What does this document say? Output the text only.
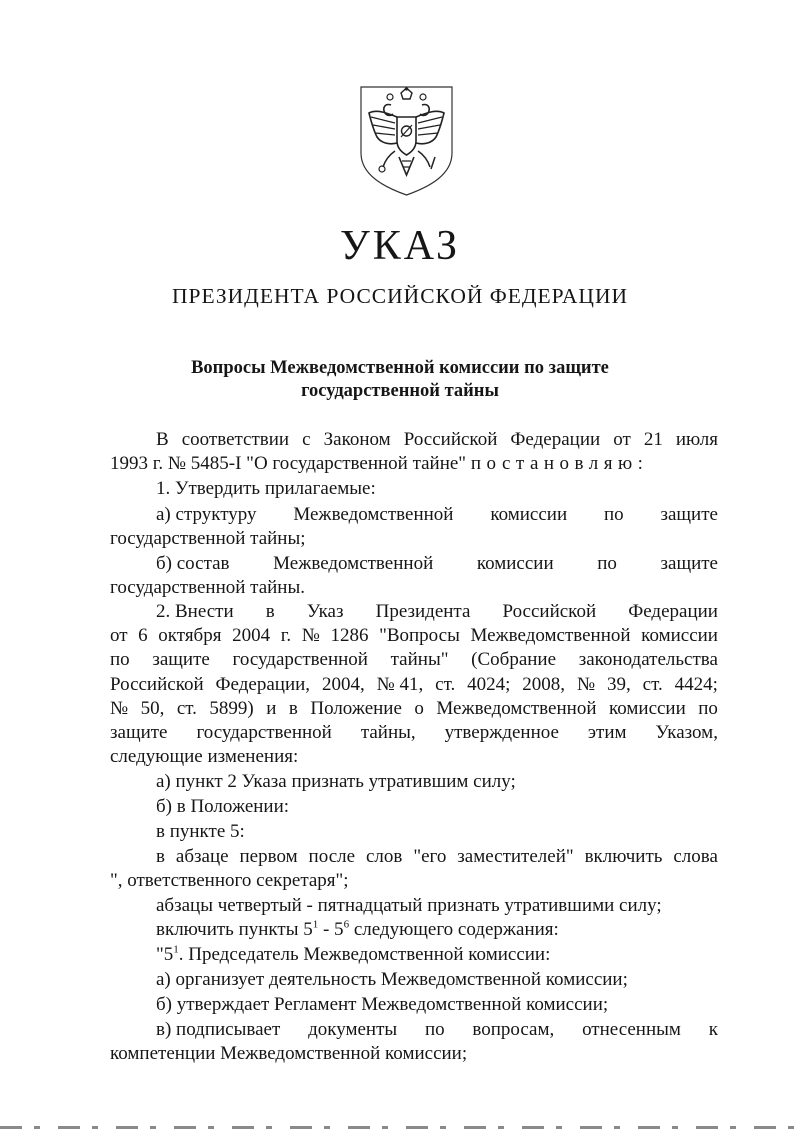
УКАЗ
ПРЕЗИДЕНТА РОССИЙСКОЙ ФЕДЕРАЦИИ
Вопросы Межведомственной комиссии по защите
государственной тайны
В соответствии с Законом Российской Федерации от 21 июля
1993 г. № 5485-I "О государственной тайне" постановляю:
1. Утвердить прилагаемые:
а) структуру Межведомственной комиссии по защите
государственной тайны;
б) состав Межведомственной комиссии по защите
государственной тайны.
2. Внести в Указ Президента Российской Федерации
от 6 октября 2004 г. № 1286 "Вопросы Межведомственной комиссии
по защите государственной тайны" (Собрание законодательства
Российской Федерации, 2004, № 41, ст. 4024; 2008, № 39, ст. 4424;
№ 50, ст. 5899) и в Положение о Межведомственной комиссии по
защите государственной тайны, утвержденное этим Указом,
следующие изменения:
а) пункт 2 Указа признать утратившим силу;
б) в Положении:
в пункте 5:
в абзаце первом после слов "его заместителей" включить слова
", ответственного секретаря";
абзацы четвертый - пятнадцатый признать утратившими силу;
включить пункты $5^1 - 5^6$ следующего содержания:
"$5^1$. Председатель Межведомственной комиссии:
а) организует деятельность Межведомственной комиссии;
б) утверждает Регламент Межведомственной комиссии;
в) подписывает документы по вопросам, отнесенным к
компетенции Межведомственной комиссии;
